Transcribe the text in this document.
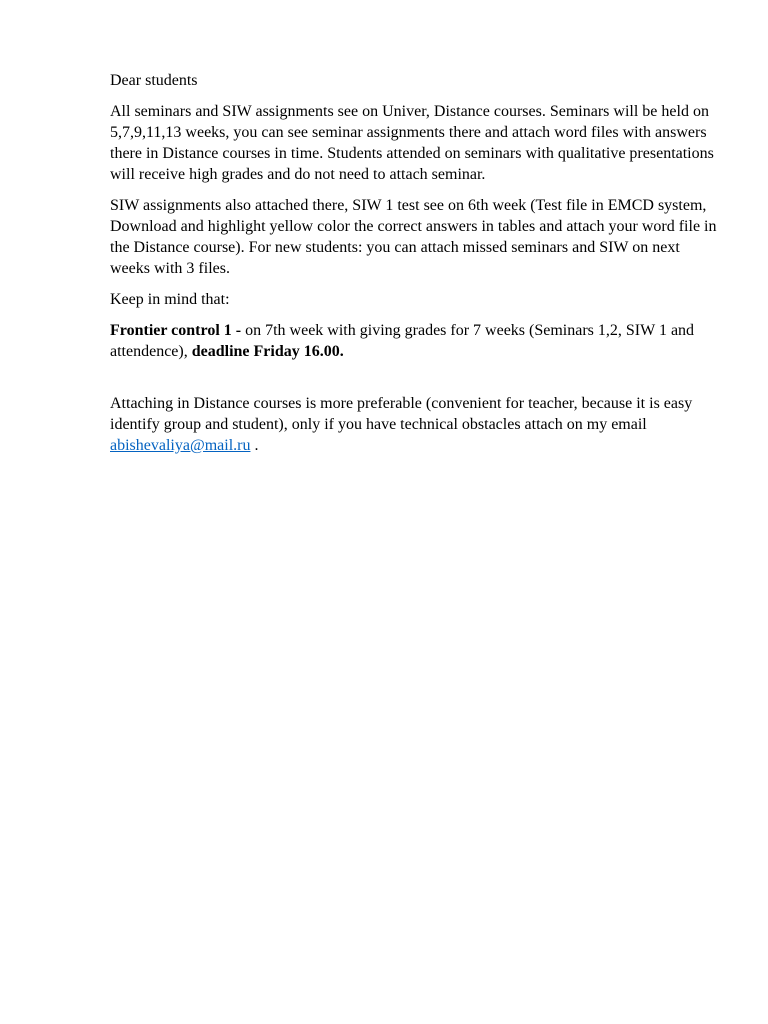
Dear students

All seminars and SIW assignments see on Univer, Distance courses. Seminars will be held on 5,7,9,11,13 weeks, you can see seminar assignments there and attach word files with answers there in Distance courses in time. Students attended on seminars with qualitative presentations will receive high grades and do not need to attach seminar.

SIW assignments also attached there, SIW 1 test see on 6th week (Test file in EMCD system, Download and highlight yellow color the correct answers in tables and attach your word file in the Distance course). For new students: you can attach missed seminars and SIW on next weeks with 3 files.

Keep in mind that:

Frontier control 1 - on 7th week with giving grades for 7 weeks (Seminars 1,2, SIW 1 and attendence), deadline Friday 16.00.

Attaching in Distance courses is more preferable (convenient for teacher, because it is easy identify group and student), only if you have technical obstacles attach on my email abishevaliya@mail.ru .
